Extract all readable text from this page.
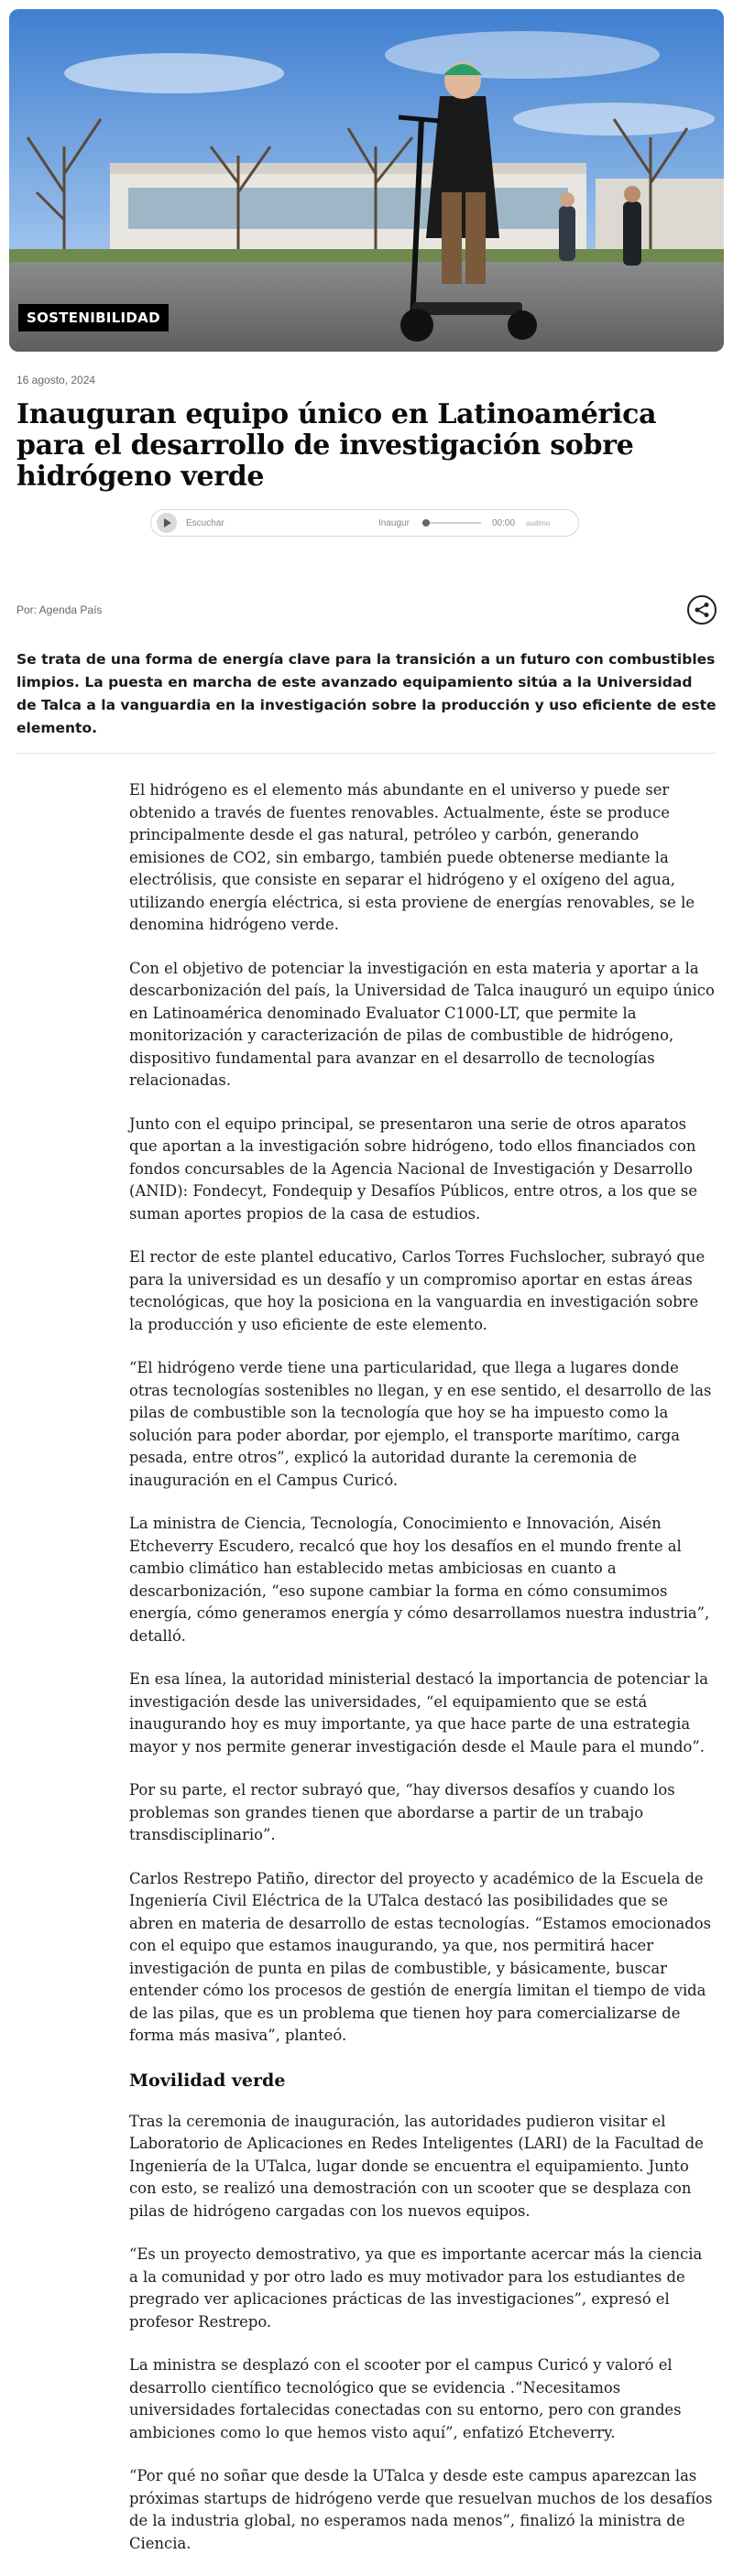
SOSTENIBILIDAD
16 agosto, 2024
Inauguran equipo único en Latinoamérica para el desarrollo de investigación sobre hidrógeno verde
Escuchar	Inaugur	00:00 audimo
Por: Agenda País

Se trata de una forma de energía clave para la transición a un futuro con combustibles limpios. La puesta en marcha de este avanzado equipamiento sitúa a la Universidad de Talca a la vanguardia en la investigación sobre la producción y uso eficiente de este elemento.

El hidrógeno es el elemento más abundante en el universo y puede ser obtenido a través de fuentes renovables. Actualmente, éste se produce principalmente desde el gas natural, petróleo y carbón, generando emisiones de CO2, sin embargo, también puede obtenerse mediante la electrólisis, que consiste en separar el hidrógeno y el oxígeno del agua, utilizando energía eléctrica, si esta proviene de energías renovables, se le denomina hidrógeno verde.

Con el objetivo de potenciar la investigación en esta materia y aportar a la descarbonización del país, la Universidad de Talca inauguró un equipo único en Latinoamérica denominado Evaluator C1000-LT, que permite la monitorización y caracterización de pilas de combustible de hidrógeno, dispositivo fundamental para avanzar en el desarrollo de tecnologías relacionadas.

Junto con el equipo principal, se presentaron una serie de otros aparatos que aportan a la investigación sobre hidrógeno, todo ellos financiados con fondos concursables de la Agencia Nacional de Investigación y Desarrollo (ANID): Fondecyt, Fondequip y Desafíos Públicos, entre otros, a los que se suman aportes propios de la casa de estudios.

El rector de este plantel educativo, Carlos Torres Fuchslocher, subrayó que para la universidad es un desafío y un compromiso aportar en estas áreas tecnológicas, que hoy la posiciona en la vanguardia en investigación sobre la producción y uso eficiente de este elemento.

“El hidrógeno verde tiene una particularidad, que llega a lugares donde otras tecnologías sostenibles no llegan, y en ese sentido, el desarrollo de las pilas de combustible son la tecnología que hoy se ha impuesto como la solución para poder abordar, por ejemplo, el transporte marítimo, carga pesada, entre otros”, explicó la autoridad durante la ceremonia de inauguración en el Campus Curicó.

La ministra de Ciencia, Tecnología, Conocimiento e Innovación, Aisén Etcheverry Escudero, recalcó que hoy los desafíos en el mundo frente al cambio climático han establecido metas ambiciosas en cuanto a descarbonización, “eso supone cambiar la forma en cómo consumimos energía, cómo generamos energía y cómo desarrollamos nuestra industria”, detalló.

En esa línea, la autoridad ministerial destacó la importancia de potenciar la investigación desde las universidades, “el equipamiento que se está inaugurando hoy es muy importante, ya que hace parte de una estrategia mayor y nos permite generar investigación desde el Maule para el mundo”.

Por su parte, el rector subrayó que, “hay diversos desafíos y cuando los problemas son grandes tienen que abordarse a partir de un trabajo transdisciplinario”.

Carlos Restrepo Patiño, director del proyecto y académico de la Escuela de Ingeniería Civil Eléctrica de la UTalca destacó las posibilidades que se abren en materia de desarrollo de estas tecnologías. “Estamos emocionados con el equipo que estamos inaugurando, ya que, nos permitirá hacer investigación de punta en pilas de combustible, y básicamente, buscar entender cómo los procesos de gestión de energía limitan el tiempo de vida de las pilas, que es un problema que tienen hoy para comercializarse de forma más masiva”, planteó.

Movilidad verde

Tras la ceremonia de inauguración, las autoridades pudieron visitar el Laboratorio de Aplicaciones en Redes Inteligentes (LARI) de la Facultad de Ingeniería de la UTalca, lugar donde se encuentra el equipamiento. Junto con esto, se realizó una demostración con un scooter que se desplaza con pilas de hidrógeno cargadas con los nuevos equipos.

“Es un proyecto demostrativo, ya que es importante acercar más la ciencia a la comunidad y por otro lado es muy motivador para los estudiantes de pregrado ver aplicaciones prácticas de las investigaciones”, expresó el profesor Restrepo.

La ministra se desplazó con el scooter por el campus Curicó y valoró el desarrollo científico tecnológico que se evidencia .“Necesitamos universidades fortalecidas conectadas con su entorno, pero con grandes ambiciones como lo que hemos visto aquí”, enfatizó Etcheverry.

“Por qué no soñar que desde la UTalca y desde este campus aparezcan las próximas startups de hidrógeno verde que resuelvan muchos de los desafíos de la industria global, no esperamos nada menos”, finalizó la ministra de Ciencia.
